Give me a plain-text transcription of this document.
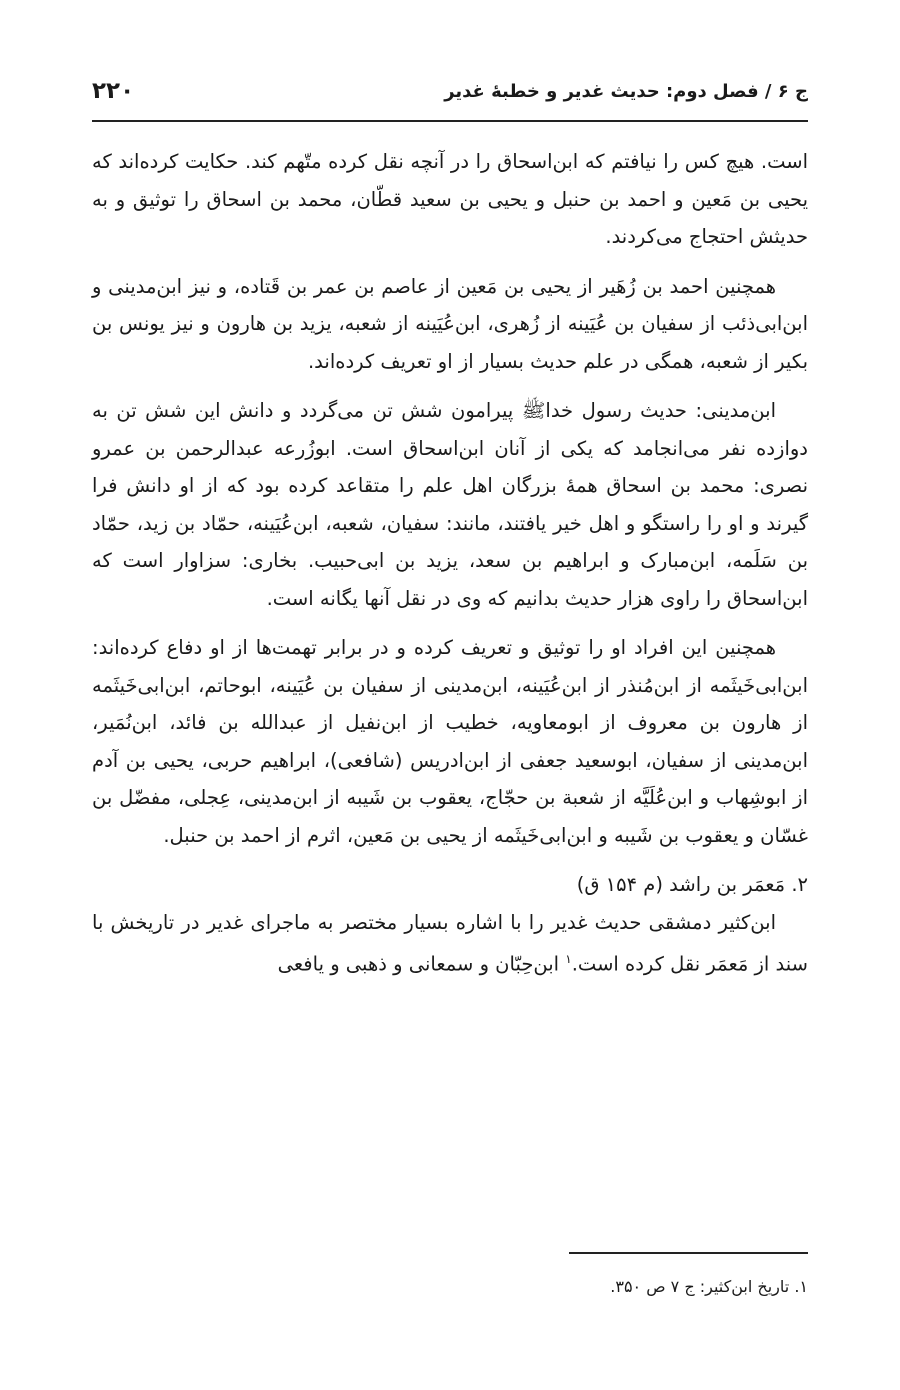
ج ۶ / فصل دوم: حديث غدير و خطبۀ غدير
۲۲۰

است. هيچ کس را نيافتم که ابن‌اسحاق را در آنچه نقل کرده متّهم کند. حکايت کرده‌اند که يحيى بن مَعين و احمد بن حنبل و يحيى بن سعيد قطّان، محمد بن اسحاق را توثيق و به حديثش احتجاج مى‌کردند.

همچنين احمد بن زُهَير از يحيى بن مَعين از عاصم بن عمر بن قَتاده، و نيز ابن‌مدينى و ابن‌ابى‌ذئب از سفيان بن عُيَينه از زُهرى، ابن‌عُيَينه از شعبه، يزيد بن هارون و نيز يونس بن بکير از شعبه، همگى در علم حديث بسيار از او تعريف کرده‌اند.

ابن‌مدينى: حديث رسول خداﷺ پيرامون شش تن مى‌گردد و دانش اين شش تن به دوازده نفر مى‌انجامد که يکى از آنان ابن‌اسحاق است. ابوزُرعه عبدالرحمن بن عمرو نصرى: محمد بن اسحاق همۀ بزرگان اهل علم را متقاعد کرده بود که از او دانش فرا گيرند و او را راستگو و اهل خير يافتند، مانند: سفيان، شعبه، ابن‌عُيَينه، حمّاد بن زيد، حمّاد بن سَلَمه، ابن‌مبارک و ابراهيم بن سعد، يزيد بن ابى‌حبيب. بخارى: سزاوار است که ابن‌اسحاق را راوى هزار حديث بدانيم که وى در نقل آنها يگانه است.

همچنين اين افراد او را توثيق و تعريف کرده و در برابر تهمت‌ها از او دفاع کرده‌اند: ابن‌ابى‌خَيثَمه از ابن‌مُنذر از ابن‌عُيَينه، ابن‌مدينى از سفيان بن عُيَينه، ابوحاتم، ابن‌ابى‌خَيثَمه از هارون بن معروف از ابومعاويه، خطيب از ابن‌نفيل از عبدالله بن فائد، ابن‌نُمَير، ابن‌مدينى از سفيان، ابوسعيد جعفى از ابن‌ادريس (شافعى)، ابراهيم حربى، يحيى بن آدم از ابوشِهاب و ابن‌عُلَيَّه از شعبة بن حجّاج، يعقوب بن شَيبه از ابن‌مدينى، عِجلى، مفضّل بن غسّان و يعقوب بن شَيبه و ابن‌ابى‌خَيثَمه از يحيى بن مَعين، اثرم از احمد بن حنبل.

۲. مَعمَر بن راشد (م ۱۵۴ ق)

ابن‌کثير دمشقى حديث غدير را با اشاره بسيار مختصر به ماجراى غدير در تاريخش با سند از مَعمَر نقل کرده است.$^۱$ ابن‌حِبّان و سمعانى و ذهبى و يافعى

۱. تاريخ ابن‌کثير: ج ۷ ص ۳۵۰.
